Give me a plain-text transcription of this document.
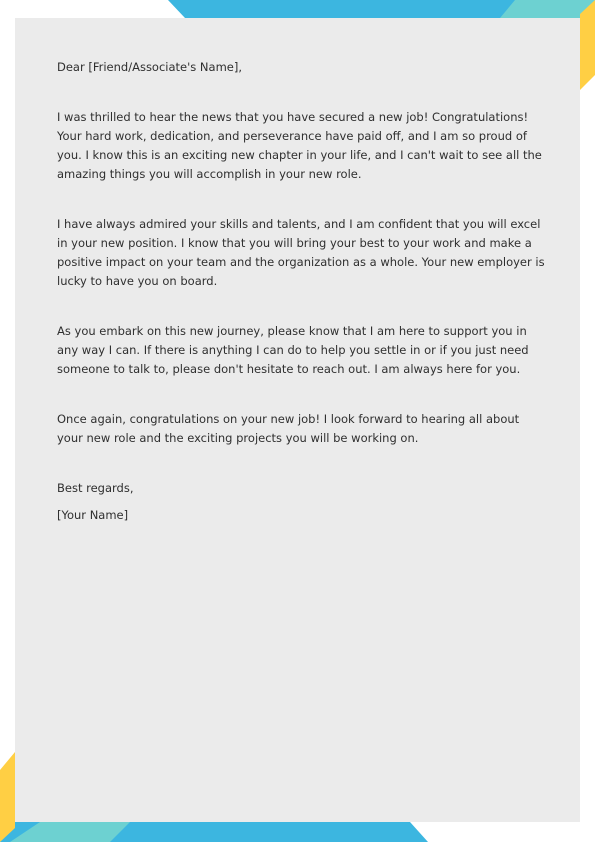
Dear [Friend/Associate's Name],

I was thrilled to hear the news that you have secured a new job! Congratulations! Your hard work, dedication, and perseverance have paid off, and I am so proud of you. I know this is an exciting new chapter in your life, and I can't wait to see all the amazing things you will accomplish in your new role.

I have always admired your skills and talents, and I am confident that you will excel in your new position. I know that you will bring your best to your work and make a positive impact on your team and the organization as a whole. Your new employer is lucky to have you on board.

As you embark on this new journey, please know that I am here to support you in any way I can. If there is anything I can do to help you settle in or if you just need someone to talk to, please don't hesitate to reach out. I am always here for you.

Once again, congratulations on your new job! I look forward to hearing all about your new role and the exciting projects you will be working on.

Best regards,

[Your Name]
